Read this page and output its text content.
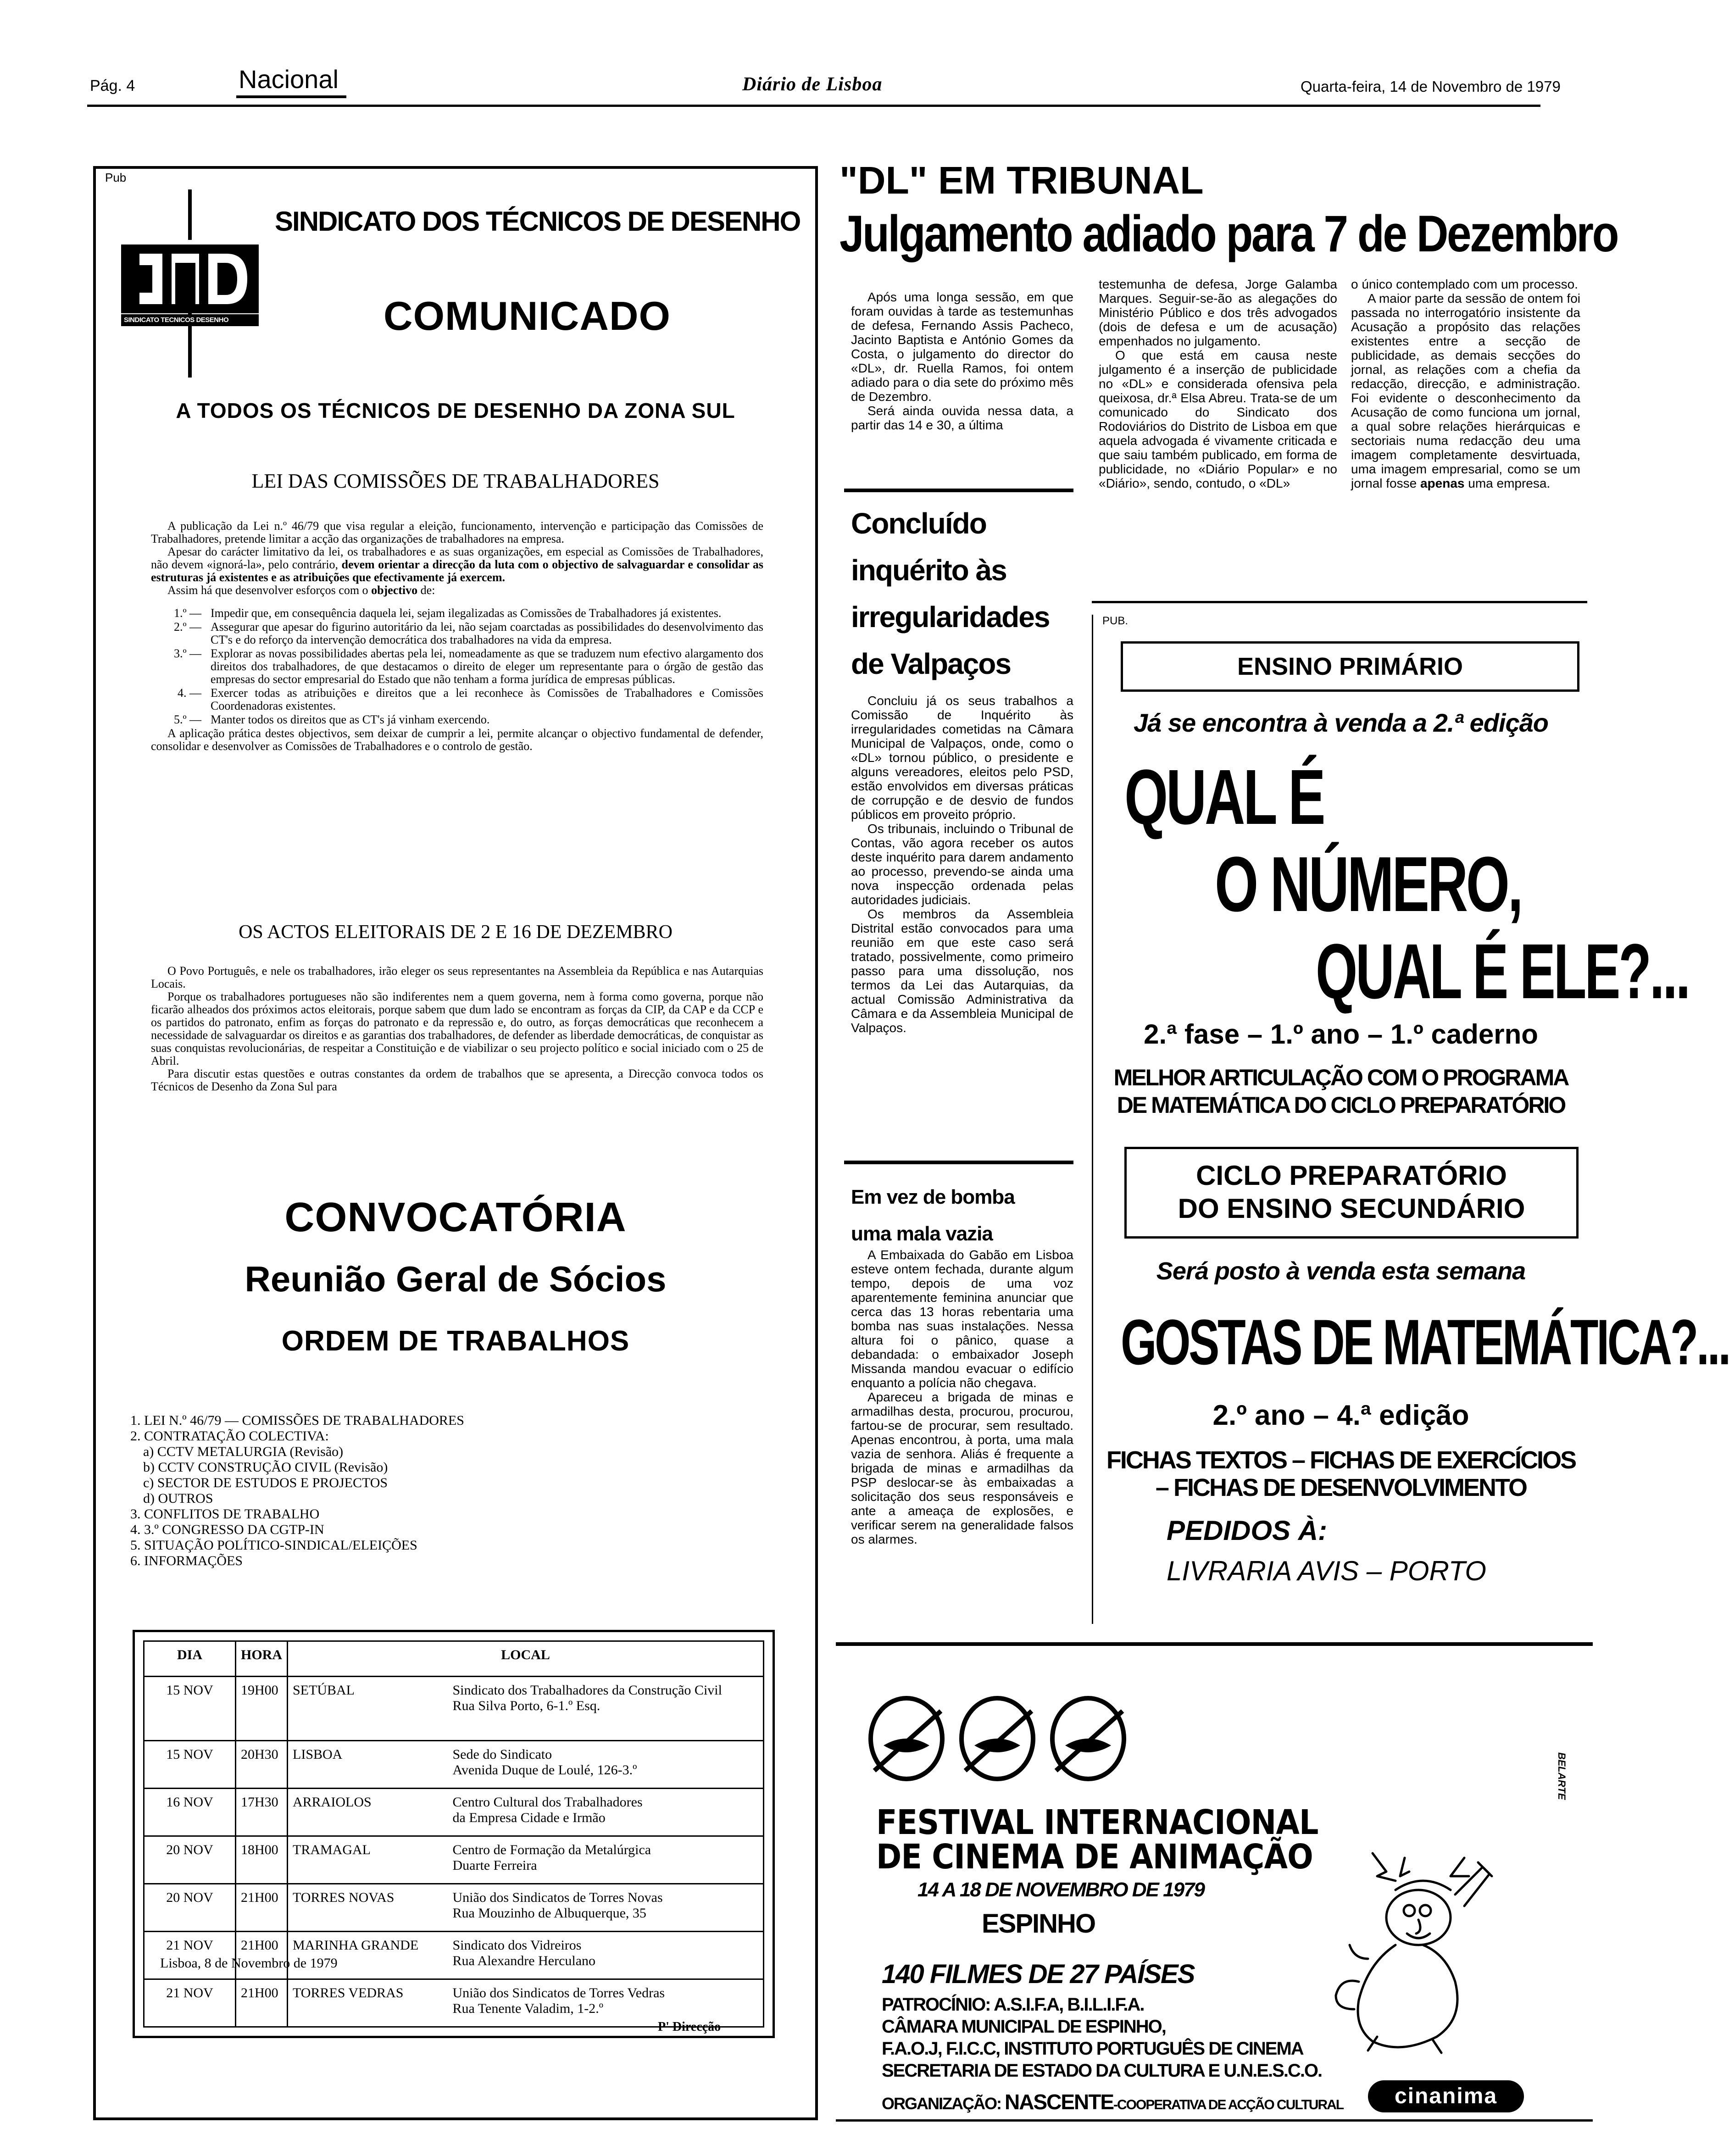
Pág. 4	Nacional	Diário de Lisboa	Quarta-feira, 14 de Novembro de 1979
Pub
SINDICATO TECNICOS DESENHO
SINDICATO DOS TÉCNICOS DE DESENHO
COMUNICADO
A TODOS OS TÉCNICOS DE DESENHO DA ZONA SUL
LEI DAS COMISSÕES DE TRABALHADORES

A publicação da Lei n.º 46/79 que visa regular a eleição, funcionamento, intervenção e participação das Comissões de Trabalhadores, pretende limitar a acção das organizações de trabalhadores na empresa.

Apesar do carácter limitativo da lei, os trabalhadores e as suas organizações, em especial as Comissões de Trabalhadores, não devem «ignorá-la», pelo contrário, devem orientar a direcção da luta com o objectivo de salvaguardar e consolidar as estruturas já existentes e as atribuições que efectivamente já exercem.

Assim há que desenvolver esforços com o objectivo de:

1.º — Impedir que, em consequência daquela lei, sejam ilegalizadas as Comissões de Trabalhadores já existentes.
2.º — Assegurar que apesar do figurino autoritário da lei, não sejam coarctadas as possibilidades do desenvolvimento das CT's e do reforço da intervenção democrática dos trabalhadores na vida da empresa.
3.º — Explorar as novas possibilidades abertas pela lei, nomeadamente as que se traduzem num efectivo alargamento dos direitos dos trabalhadores, de que destacamos o direito de eleger um representante para o órgão de gestão das empresas do sector empresarial do Estado que não tenham a forma jurídica de empresas públicas.
4. — Exercer todas as atribuições e direitos que a lei reconhece às Comissões de Trabalhadores e Comissões Coordenadoras existentes.
5.º — Manter todos os direitos que as CT's já vinham exercendo.

A aplicação prática destes objectivos, sem deixar de cumprir a lei, permite alcançar o objectivo fundamental de defender, consolidar e desenvolver as Comissões de Trabalhadores e o controlo de gestão.

OS ACTOS ELEITORAIS DE 2 E 16 DE DEZEMBRO

O Povo Português, e nele os trabalhadores, irão eleger os seus representantes na Assembleia da República e nas Autarquias Locais.

Porque os trabalhadores portugueses não são indiferentes nem a quem governa, nem à forma como governa, porque não ficarão alheados dos próximos actos eleitorais, porque sabem que dum lado se encontram as forças da CIP, da CAP e da CCP e os partidos do patronato, enfim as forças do patronato e da repressão e, do outro, as forças democráticas que reconhecem a necessidade de salvaguardar os direitos e as garantias dos trabalhadores, de defender as liberdade democráticas, de conquistar as suas conquistas revolucionárias, de respeitar a Constituição e de viabilizar o seu projecto político e social iniciado com o 25 de Abril.

Para discutir estas questões e outras constantes da ordem de trabalhos que se apresenta, a Direcção convoca todos os Técnicos de Desenho da Zona Sul para

CONVOCATÓRIA
Reunião Geral de Sócios
ORDEM DE TRABALHOS
1. LEI N.º 46/79 — COMISSÕES DE TRABALHADORES
2. CONTRATAÇÃO COLECTIVA:
a) CCTV METALURGIA (Revisão)
b) CCTV CONSTRUÇÃO CIVIL (Revisão)
c) SECTOR DE ESTUDOS E PROJECTOS
d) OUTROS
3. CONFLITOS DE TRABALHO
4. 3.º CONGRESSO DA CGTP-IN
5. SITUAÇÃO POLÍTICO-SINDICAL/ELEIÇÕES
6. INFORMAÇÕES
DIA	HORA	LOCAL	
15 NOV	19H00	SETÚBAL	Sindicato dos Trabalhadores da Construção Civil
Rua Silva Porto, 6-1.º Esq.

15 NOV	20H30	LISBOA	Sede do Sindicato
Avenida Duque de Loulé, 126-3.º

16 NOV	17H30	ARRAIOLOS	Centro Cultural dos Trabalhadores
da Empresa Cidade e Irmão

20 NOV	18H00	TRAMAGAL	Centro de Formação da Metalúrgica
Duarte Ferreira

20 NOV	21H00	TORRES NOVAS	União dos Sindicatos de Torres Novas
Rua Mouzinho de Albuquerque, 35

21 NOV	21H00	MARINHA GRANDE	Sindicato dos Vidreiros
Rua Alexandre Herculano

21 NOV	21H00	TORRES VEDRAS	União dos Sindicatos de Torres Vedras
Rua Tenente Valadim, 1-2.º
Lisboa, 8 de Novembro de 1979
P' Direcção
"DL" EM TRIBUNAL
Julgamento adiado para 7 de Dezembro

Após uma longa sessão, em que foram ouvidas à tarde as testemunhas de defesa, Fernando Assis Pacheco, Jacinto Baptista e António Gomes da Costa, o julgamento do director do «DL», dr. Ruella Ramos, foi ontem adiado para o dia sete do próximo mês de Dezembro.

Será ainda ouvida nessa data, a partir das 14 e 30, a última

testemunha de defesa, Jorge Galamba Marques. Seguir-se-ão as alegações do Ministério Público e dos três advogados (dois de defesa e um de acusação) empenhados no julgamento.

O que está em causa neste julgamento é a inserção de publicidade no «DL» e considerada ofensiva pela queixosa, dr.ª Elsa Abreu. Trata-se de um comunicado do Sindicato dos Rodoviários do Distrito de Lisboa em que aquela advogada é vivamente criticada e que saiu também publicado, em forma de publicidade, no «Diário Popular» e no «Diário», sendo, contudo, o «DL»

o único contemplado com um processo.

A maior parte da sessão de ontem foi passada no interrogatório insistente da Acusação a propósito das relações existentes entre a secção de publicidade, as demais secções do jornal, as relações com a chefia da redacção, direcção, e administração. Foi evidente o desconhecimento da Acusação de como funciona um jornal, a qual sobre relações hierárquicas e sectoriais numa redacção deu uma imagem completamente desvirtuada, uma imagem empresarial, como se um jornal fosse apenas uma empresa.

Concluído
inquérito às
irregularidades
de Valpaços

Concluiu já os seus trabalhos a Comissão de Inquérito às irregularidades cometidas na Câmara Municipal de Valpaços, onde, como o «DL» tornou público, o presidente e alguns vereadores, eleitos pelo PSD, estão envolvidos em diversas práticas de corrupção e de desvio de fundos públicos em proveito próprio.

Os tribunais, incluindo o Tribunal de Contas, vão agora receber os autos deste inquérito para darem andamento ao processo, prevendo-se ainda uma nova inspecção ordenada pelas autoridades judiciais.

Os membros da Assembleia Distrital estão convocados para uma reunião em que este caso será tratado, possivelmente, como primeiro passo para uma dissolução, nos termos da Lei das Autarquias, da actual Comissão Administrativa da Câmara e da Assembleia Municipal de Valpaços.

Em vez de bomba
uma mala vazia

A Embaixada do Gabão em Lisboa esteve ontem fechada, durante algum tempo, depois de uma voz aparentemente feminina anunciar que cerca das 13 horas rebentaria uma bomba nas suas instalações. Nessa altura foi o pânico, quase a debandada: o embaixador Joseph Missanda mandou evacuar o edifício enquanto a polícia não chegava.

Apareceu a brigada de minas e armadilhas desta, procurou, procurou, fartou-se de procurar, sem resultado. Apenas encontrou, à porta, uma mala vazia de senhora. Aliás é frequente a brigada de minas e armadilhas da PSP deslocar-se às embaixadas a solicitação dos seus responsáveis e ante a ameaça de explosões, e verificar serem na generalidade falsos os alarmes.

PUB.
ENSINO PRIMÁRIO
Já se encontra à venda a 2.ª edição
QUAL É
O NÚMERO,
QUAL É ELE?...
2.ª fase – 1.º ano – 1.º caderno
MELHOR ARTICULAÇÃO COM O PROGRAMA
DE MATEMÁTICA DO CICLO PREPARATÓRIO
CICLO PREPARATÓRIO
DO ENSINO SECUNDÁRIO
Será posto à venda esta semana
GOSTAS DE MATEMÁTICA?...
2.º ano – 4.ª edição
FICHAS TEXTOS – FICHAS DE EXERCÍCIOS
– FICHAS DE DESENVOLVIMENTO
PEDIDOS À:
LIVRARIA AVIS – PORTO
FESTIVAL INTERNACIONAL
DE CINEMA DE ANIMAÇÃO
14 A 18 DE NOVEMBRO DE 1979
ESPINHO
140 FILMES DE 27 PAÍSES
PATROCÍNIO: A.S.I.F.A, B.I.L.I.F.A.
CÂMARA MUNICIPAL DE ESPINHO,
F.A.O.J, F.I.C.C, INSTITUTO PORTUGUÊS DE CINEMA
SECRETARIA DE ESTADO DA CULTURA E U.N.E.S.C.O.
ORGANIZAÇÃO: NASCENTE-COOPERATIVA DE ACÇÃO CULTURAL
BELARTE
cinanima
